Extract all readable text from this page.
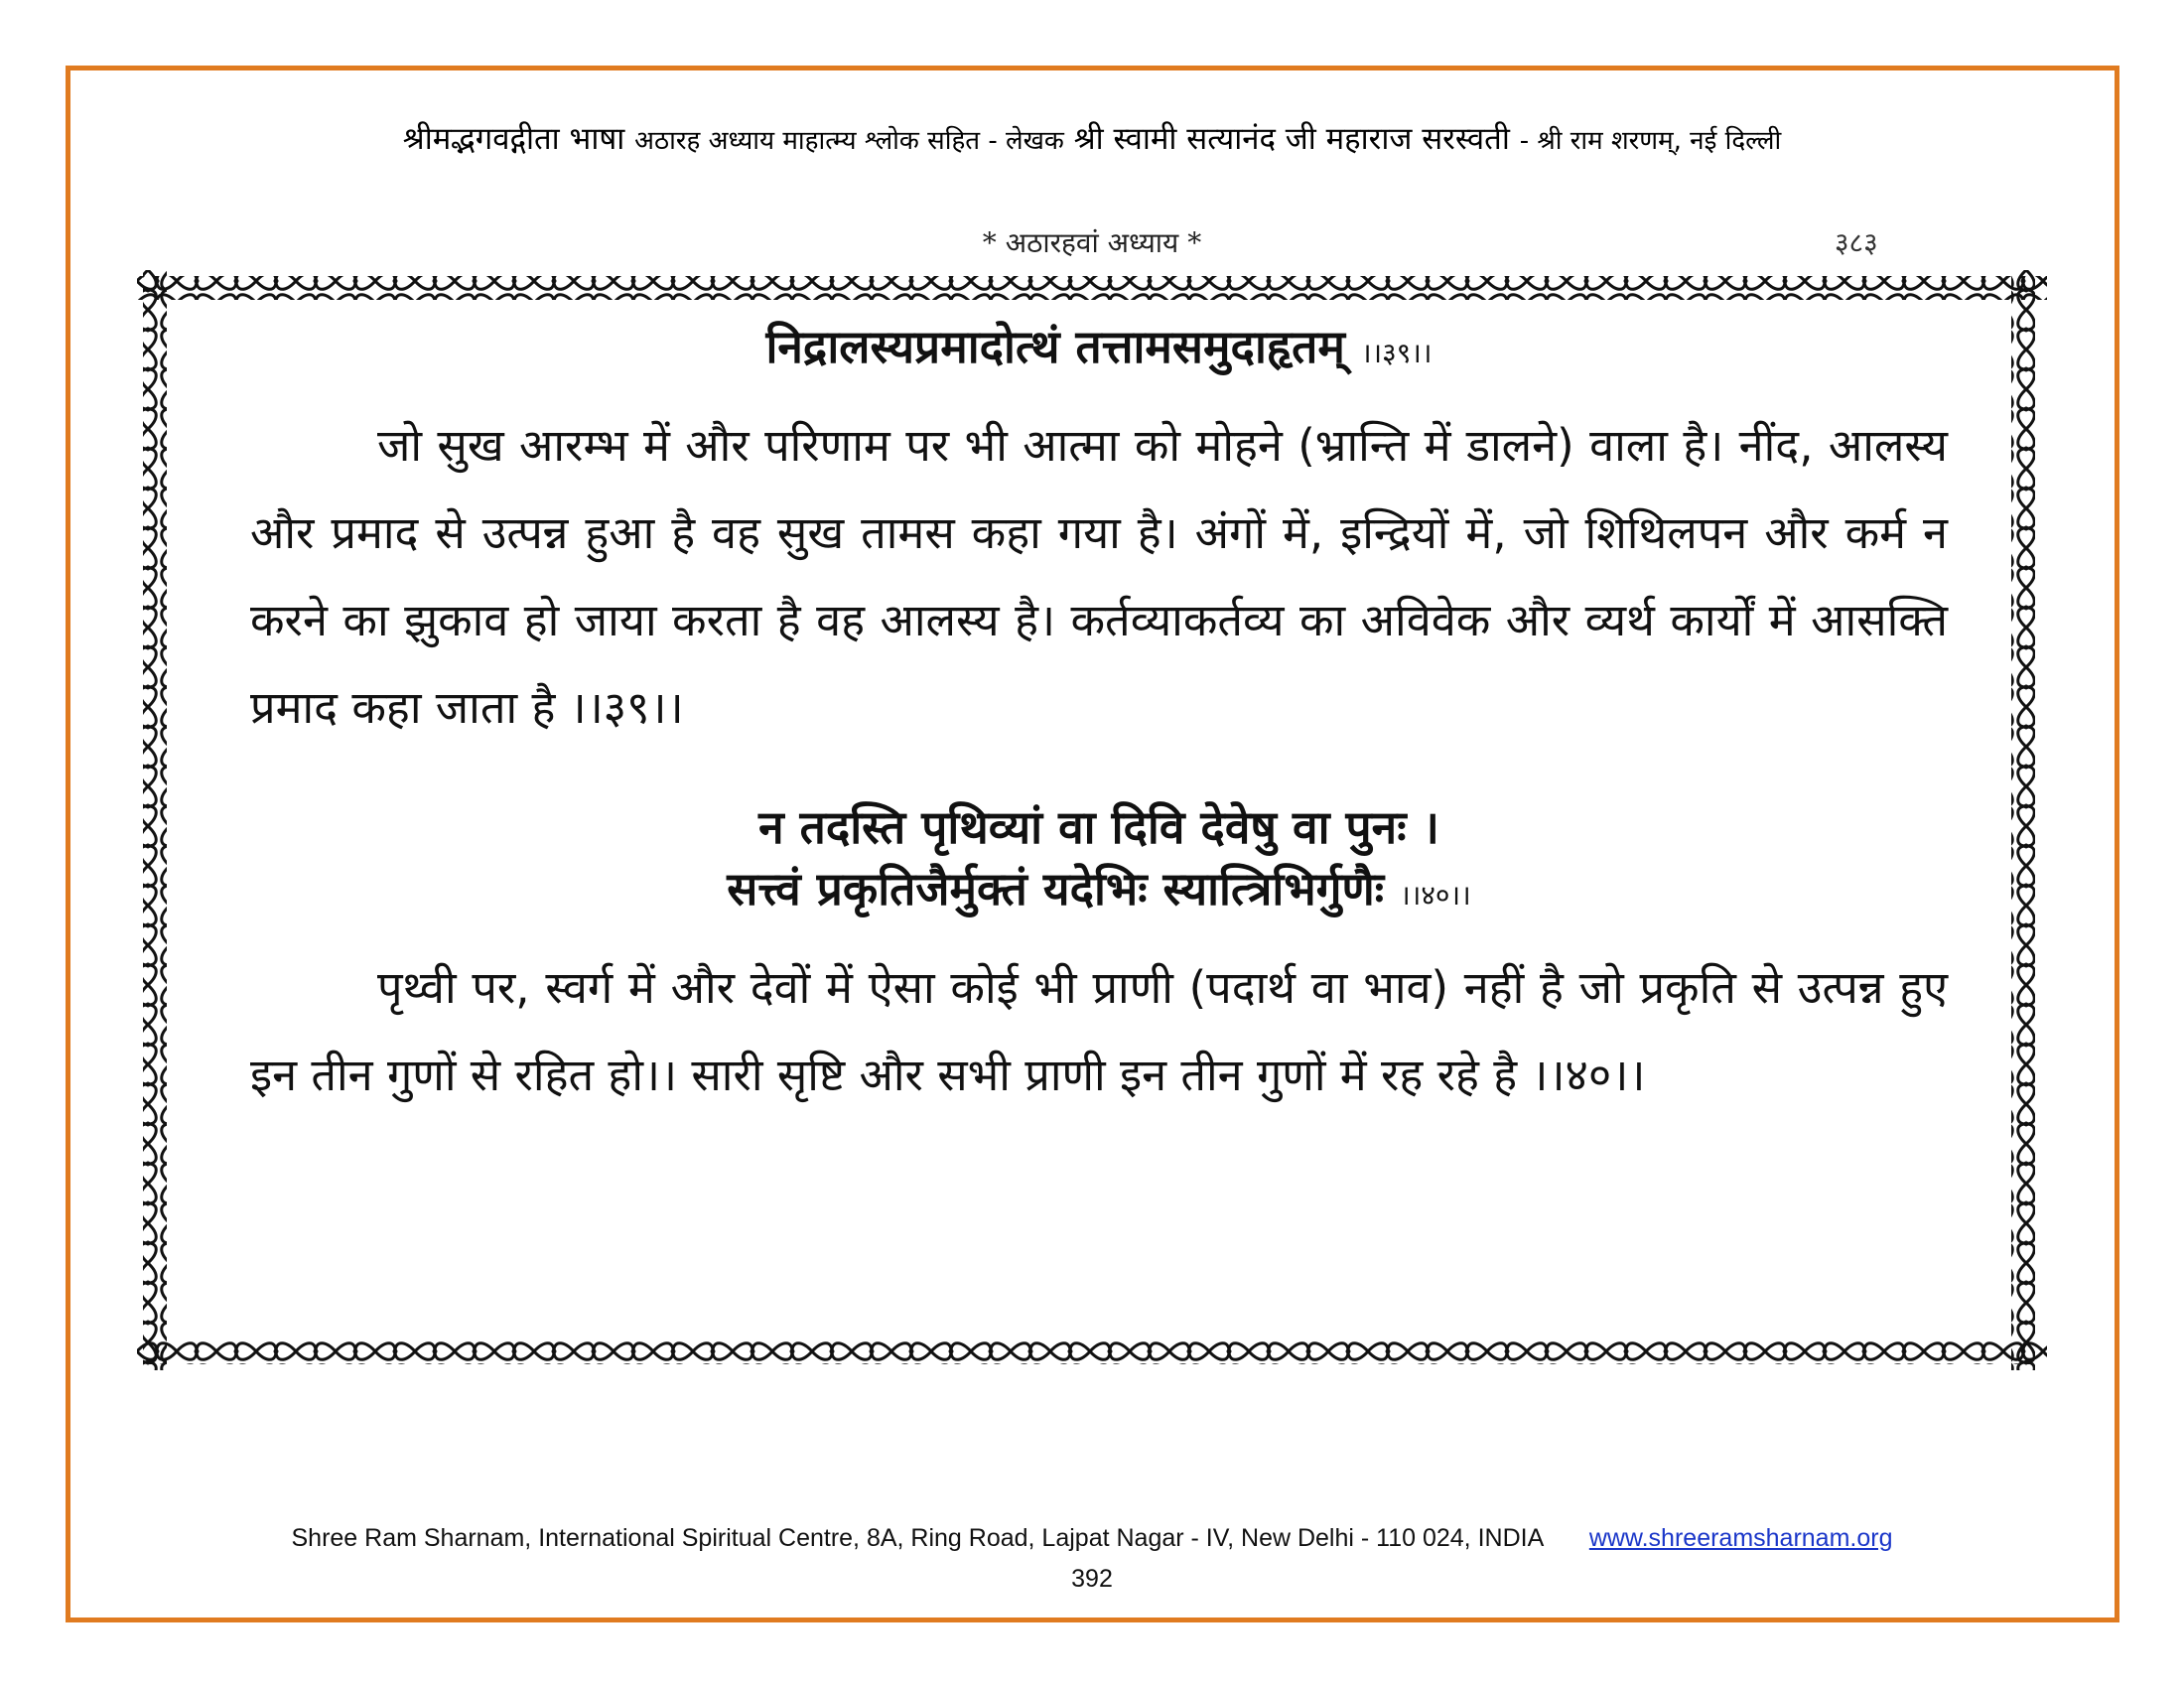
श्रीमद्भगवद्गीता भाषा अठारह अध्याय माहात्म्य श्लोक सहित - लेखक श्री स्वामी सत्यानंद जी महाराज सरस्वती - श्री राम शरणम्, नई दिल्ली
* अठारहवां अध्याय *	३८३
निद्रालस्यप्रमादोत्थं तत्तामसमुदाहृतम् ।।३९।।

जो सुख आरम्भ में और परिणाम पर भी आत्मा को मोहने (भ्रान्ति में डालने) वाला है। नींद, आलस्य और प्रमाद से उत्पन्न हुआ है वह सुख तामस कहा गया है। अंगों में, इन्द्रियों में, जो शिथिलपन और कर्म न करने का झुकाव हो जाया करता है वह आलस्य है। कर्तव्याकर्तव्य का अविवेक और व्यर्थ कार्यों में आसक्ति प्रमाद कहा जाता है ।।३९।।

न तदस्ति पृथिव्यां वा दिवि देवेषु वा पुनः ।
सत्त्वं प्रकृतिजैर्मुक्तं यदेभिः स्यात्त्रिभिर्गुणैः ।।४०।।

पृथ्वी पर, स्वर्ग में और देवों में ऐसा कोई भी प्राणी (पदार्थ वा भाव) नहीं है जो प्रकृति से उत्पन्न हुए इन तीन गुणों से रहित हो।। सारी सृष्टि और सभी प्राणी इन तीन गुणों में रह रहे है ।।४०।।

Shree Ram Sharnam, International Spiritual Centre, 8A, Ring Road, Lajpat Nagar - IV, New Delhi - 110 024, INDIA www.shreeramsharnam.org
392
